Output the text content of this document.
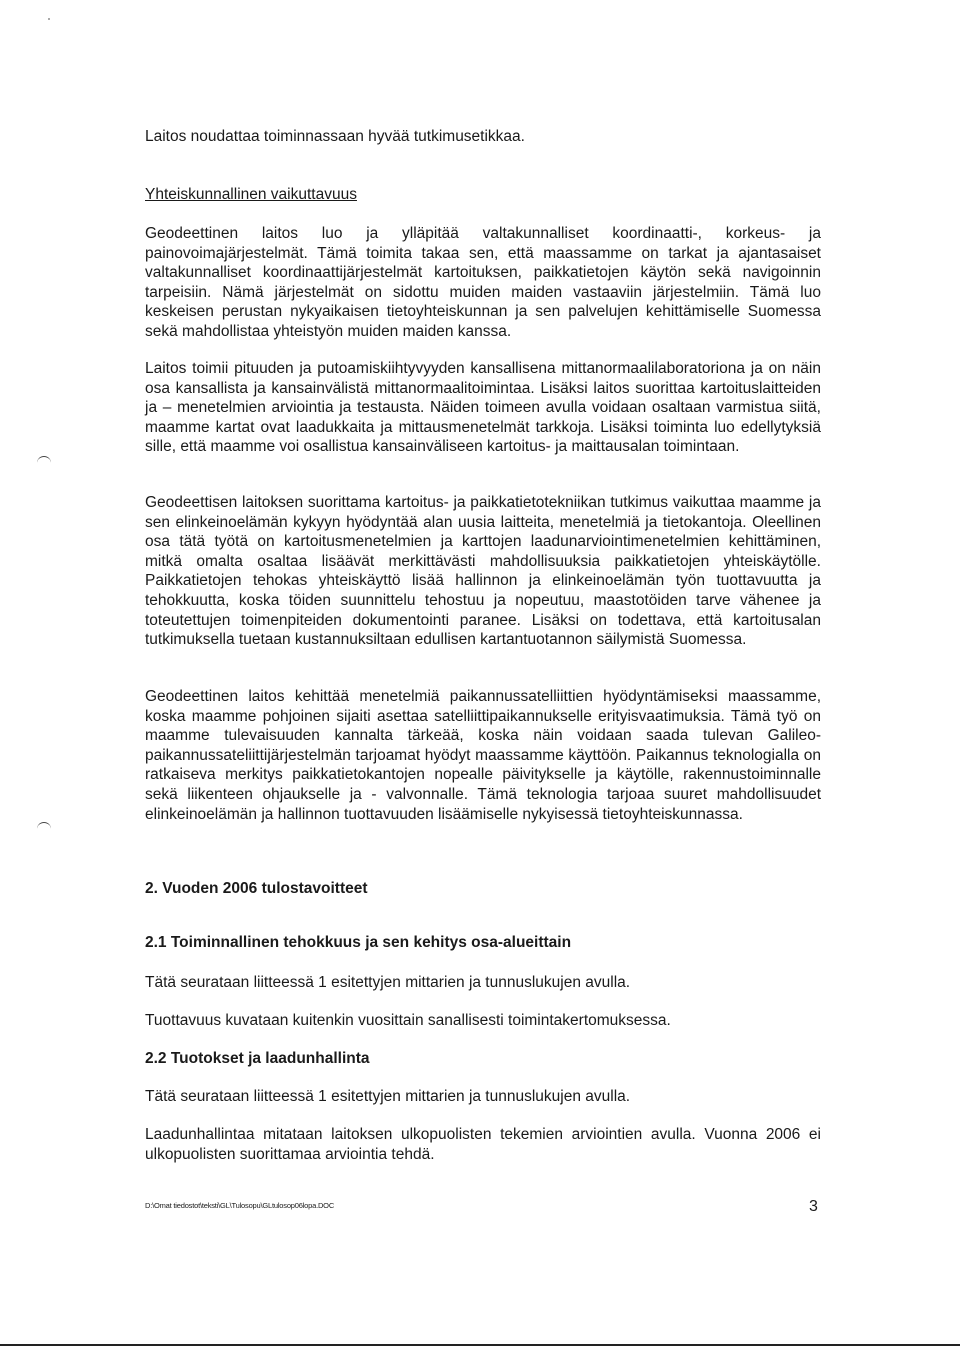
Laitos noudattaa toiminnassaan hyvää tutkimusetikkaa.

Yhteiskunnallinen vaikuttavuus

Geodeettinen laitos luo ja ylläpitää valtakunnalliset koordinaatti-, korkeus- ja painovoimajärjestelmät. Tämä toimita takaa sen, että maassamme on tarkat ja ajantasaiset valtakunnalliset koordinaattijärjestelmät kartoituksen, paikkatietojen käytön sekä navigoinnin tarpeisiin. Nämä järjestelmät on sidottu muiden maiden vastaaviin järjestelmiin. Tämä luo keskeisen perustan nykyaikaisen tietoyhteiskunnan ja sen palvelujen kehittämiselle Suomessa sekä mahdollistaa yhteistyön muiden maiden kanssa.

Laitos toimii pituuden ja putoamiskiihtyvyyden kansallisena mittanormaalilaboratoriona ja on näin osa kansallista ja kansainvälistä mittanormaalitoimintaa. Lisäksi laitos suorittaa kartoituslaitteiden ja – menetelmien arviointia ja testausta. Näiden toimeen avulla voidaan osaltaan varmistua siitä, maamme kartat ovat laadukkaita ja mittausmenetelmät tarkkoja. Lisäksi toiminta luo edellytyksiä sille, että maamme voi osallistua kansainväliseen kartoitus- ja maittausalan toimintaan.

Geodeettisen laitoksen suorittama kartoitus- ja paikkatietotekniikan tutkimus vaikuttaa maamme ja sen elinkeinoelämän kykyyn hyödyntää alan uusia laitteita, menetelmiä ja tietokantoja. Oleellinen osa tätä työtä on kartoitusmenetelmien ja karttojen laadunarviointimenetelmien kehittäminen, mitkä omalta osaltaa lisäävät merkittävästi mahdollisuuksia paikkatietojen yhteiskäytölle. Paikkatietojen tehokas yhteiskäyttö lisää hallinnon ja elinkeinoelämän työn tuottavuutta ja tehokkuutta, koska töiden suunnittelu tehostuu ja nopeutuu, maastotöiden tarve vähenee ja toteutettujen toimenpiteiden dokumentointi paranee. Lisäksi on todettava, että kartoitusalan tutkimuksella tuetaan kustannuksiltaan edullisen kartantuotannon säilymistä Suomessa.

Geodeettinen laitos kehittää menetelmiä paikannussatelliittien hyödyntämiseksi maassamme, koska maamme pohjoinen sijaiti asettaa satelliittipaikannukselle erityisvaatimuksia. Tämä työ on maamme tulevaisuuden kannalta tärkeää, koska näin voidaan saada tulevan Galileo-paikannussateliittijärjestelmän tarjoamat hyödyt maassamme käyttöön. Paikannus teknologialla on ratkaiseva merkitys paikkatietokantojen nopealle päivitykselle ja käytölle, rakennustoiminnalle sekä liikenteen ohjaukselle ja - valvonnalle. Tämä teknologia tarjoaa suuret mahdollisuudet elinkeinoelämän ja hallinnon tuottavuuden lisäämiselle nykyisessä tietoyhteiskunnassa.

2. Vuoden 2006 tulostavoitteet

2.1 Toiminnallinen tehokkuus ja sen kehitys osa-alueittain

Tätä seurataan liitteessä 1 esitettyjen mittarien ja tunnuslukujen avulla.

Tuottavuus kuvataan kuitenkin vuosittain sanallisesti toimintakertomuksessa.

2.2 Tuotokset ja laadunhallinta

Tätä seurataan liitteessä 1 esitettyjen mittarien ja tunnuslukujen avulla.

Laadunhallintaa mitataan laitoksen ulkopuolisten tekemien arviointien avulla. Vuonna 2006 ei ulkopuolisten suorittamaa arviointia tehdä.

D:\Omat tiedostot\teksti\GL\Tulosopu\GLtulosop06lopa.DOC	3
